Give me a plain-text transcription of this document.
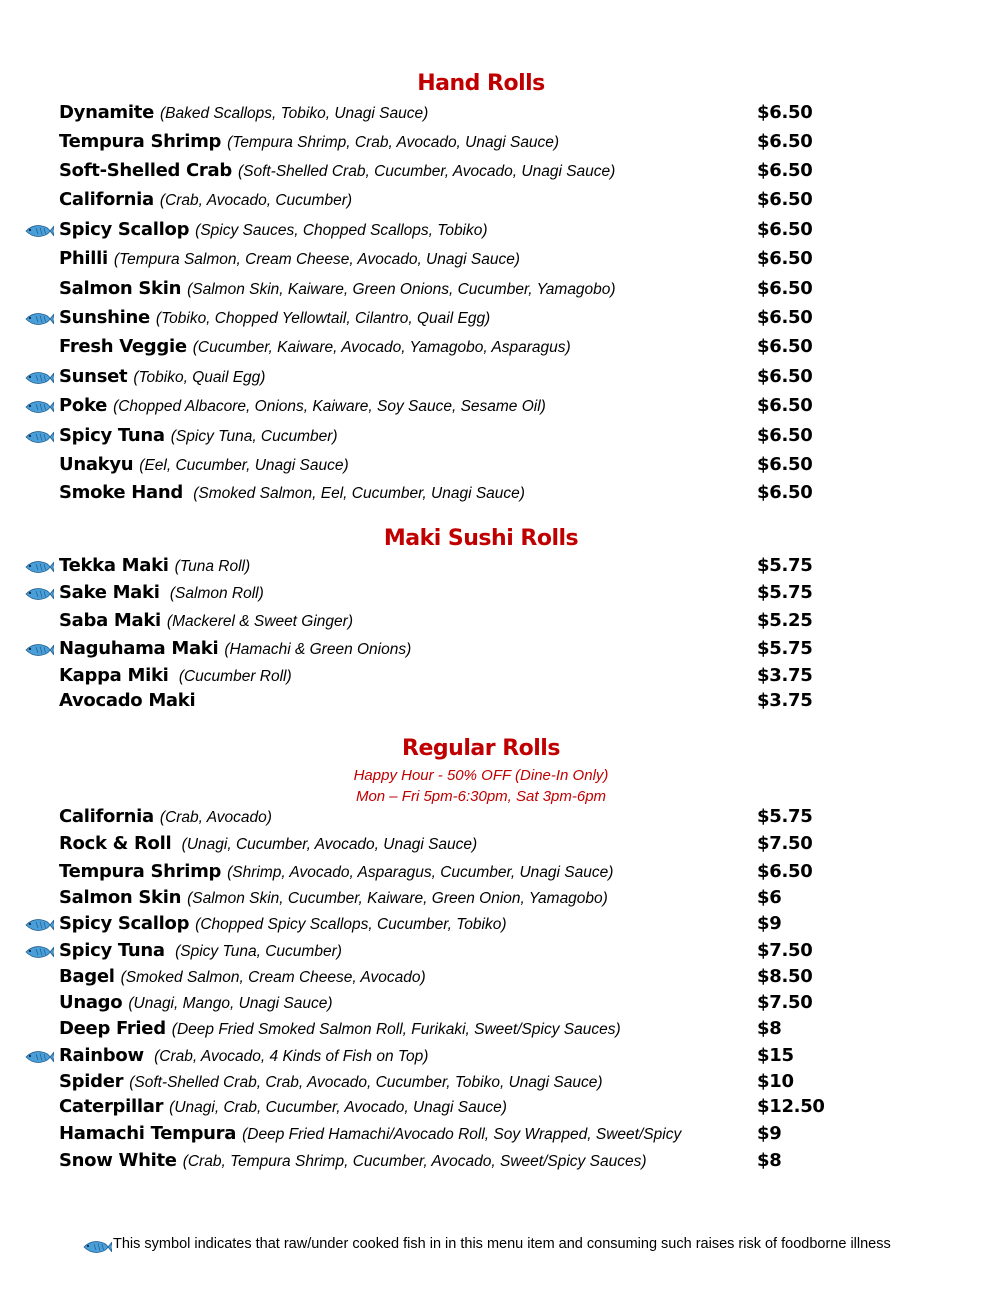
Hand Rolls
Dynamite (Baked Scallops, Tobiko, Unagi Sauce)	$6.50
Tempura Shrimp (Tempura Shrimp, Crab, Avocado, Unagi Sauce)	$6.50
Soft-Shelled Crab (Soft-Shelled Crab, Cucumber, Avocado, Unagi Sauce)	$6.50
California (Crab, Avocado, Cucumber)	$6.50
Spicy Scallop (Spicy Sauces, Chopped Scallops, Tobiko)	$6.50
Philli (Tempura Salmon, Cream Cheese, Avocado, Unagi Sauce)	$6.50
Salmon Skin (Salmon Skin, Kaiware, Green Onions, Cucumber, Yamagobo)	$6.50
Sunshine (Tobiko, Chopped Yellowtail, Cilantro, Quail Egg)	$6.50
Fresh Veggie (Cucumber, Kaiware, Avocado, Yamagobo, Asparagus)	$6.50
Sunset (Tobiko, Quail Egg)	$6.50
Poke (Chopped Albacore, Onions, Kaiware, Soy Sauce, Sesame Oil)	$6.50
Spicy Tuna (Spicy Tuna, Cucumber)	$6.50
Unakyu (Eel, Cucumber, Unagi Sauce)	$6.50
Smoke Hand (Smoked Salmon, Eel, Cucumber, Unagi Sauce)	$6.50
Maki Sushi Rolls
Tekka Maki (Tuna Roll)	$5.75
Sake Maki (Salmon Roll)	$5.75
Saba Maki (Mackerel & Sweet Ginger)	$5.25
Naguhama Maki (Hamachi & Green Onions)	$5.75
Kappa Miki (Cucumber Roll)	$3.75
Avocado Maki	$3.75
Regular Rolls
Happy Hour - 50% OFF (Dine-In Only)
Mon – Fri 5pm-6:30pm, Sat 3pm-6pm
California (Crab, Avocado)	$5.75
Rock & Roll (Unagi, Cucumber, Avocado, Unagi Sauce)	$7.50
Tempura Shrimp (Shrimp, Avocado, Asparagus, Cucumber, Unagi Sauce)	$6.50
Salmon Skin (Salmon Skin, Cucumber, Kaiware, Green Onion, Yamagobo)	$6
Spicy Scallop (Chopped Spicy Scallops, Cucumber, Tobiko)	$9
Spicy Tuna (Spicy Tuna, Cucumber)	$7.50
Bagel (Smoked Salmon, Cream Cheese, Avocado)	$8.50
Unago (Unagi, Mango, Unagi Sauce)	$7.50
Deep Fried (Deep Fried Smoked Salmon Roll, Furikaki, Sweet/Spicy Sauces)	$8
Rainbow (Crab, Avocado, 4 Kinds of Fish on Top)	$15
Spider (Soft-Shelled Crab, Crab, Avocado, Cucumber, Tobiko, Unagi Sauce)	$10
Caterpillar (Unagi, Crab, Cucumber, Avocado, Unagi Sauce)	$12.50
Hamachi Tempura (Deep Fried Hamachi/Avocado Roll, Soy Wrapped, Sweet/Spicy	$9
Snow White (Crab, Tempura Shrimp, Cucumber, Avocado, Sweet/Spicy Sauces)	$8
This symbol indicates that raw/under cooked fish in in this menu item and consuming such raises risk of foodborne illness
